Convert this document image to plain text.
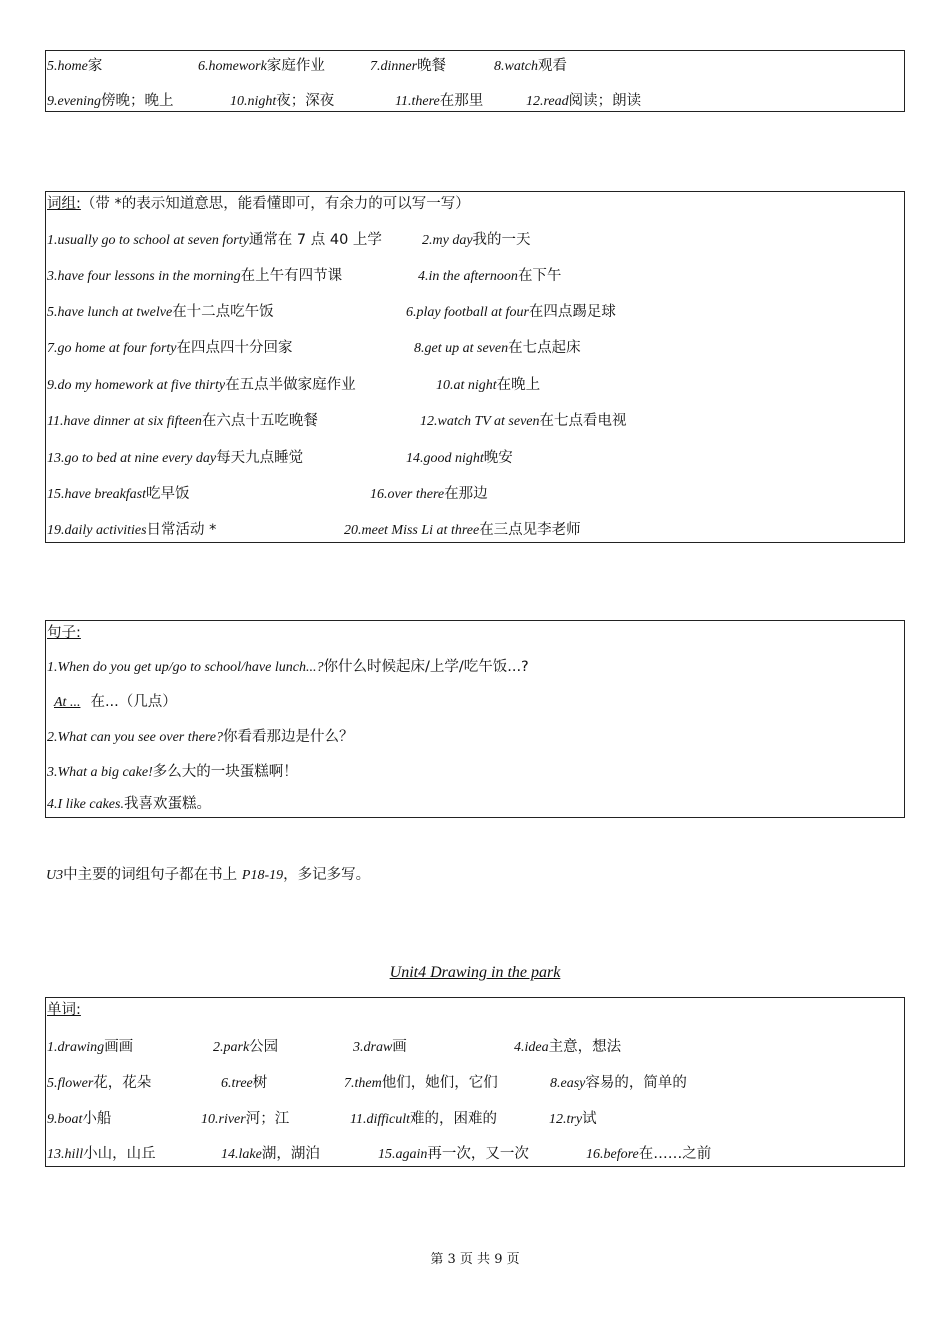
5.home家	6.homework家庭作业	7.dinner晚餐	8.watch观看
9.evening傍晚；晚上	10.night夜；深夜	11.there在那里	12.read阅读；朗读
词组:（带 *的表示知道意思，能看懂即可，有余力的可以写一写）
1.usually go to school at seven forty通常在 7 点 40 上学	2.my day我的一天
3.have four lessons in the morning在上午有四节课	4.in the afternoon在下午
5.have lunch at twelve在十二点吃午饭	6.play football at four在四点踢足球
7.go home at four forty在四点四十分回家	8.get up at seven在七点起床
9.do my homework at five thirty在五点半做家庭作业	10.at night在晚上
11.have dinner at six fifteen在六点十五吃晚餐	12.watch TV at seven在七点看电视
13.go to bed at nine every day每天九点睡觉	14.good night晚安
15.have breakfast吃早饭	16.over there在那边
19.daily activities日常活动 *	20.meet Miss Li at three在三点见李老师
句子:
1.When do you get up/go to school/have lunch...?你什么时候起床/上学/吃午饭...?
At ... 在...（几点）
2.What can you see over there?你看看那边是什么？
3.What a big cake!多么大的一块蛋糕啊！
4.I like cakes.我喜欢蛋糕。
U3中主要的词组句子都在书上 P18-19，多记多写。
Unit4 Drawing in the park
单词:
1.drawing画画	2.park公园	3.draw画	4.idea主意，想法
5.flower花，花朵	6.tree树	7.them他们，她们，它们	8.easy容易的，简单的
9.boat小船	10.river河；江	11.difficult难的，困难的	12.try试
13.hill小山，山丘	14.lake湖，湖泊	15.again再一次，又一次	16.before在……之前
第 3 页 共 9 页
